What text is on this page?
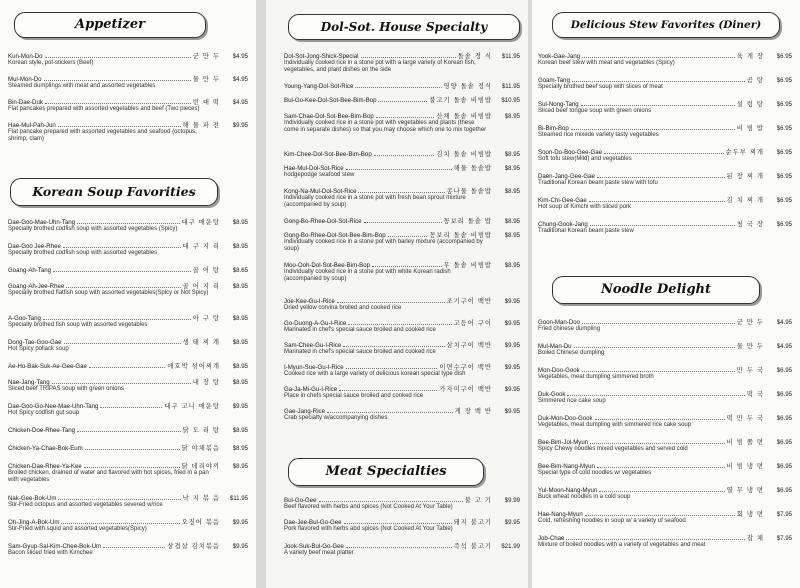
Appetizer
Kun-Mon-Do	군 만 두	$4.95
Korean style, pot-stickers (Beef)
Mul-Mon-Do	물 만 두	$4.95
Steamed dumplings with meat and assorted vegetables
Bin-Dae-Duk	빈 대 떡	$4.95
Flat pancakes prepared with assorted vegetables and beef (Two pieces)
Hae-Mul-Pah-Jun	해 물 파 전	$9.95
Flat pancake prepared with assorted vegetables and seafood (octopus, shrimp, clam)
Korean Soup Favorities
Dae-Goo-Mae-Uhn-Tang	대구 매운탕	$8.95
Specially brothed codfish soup with assorted vegetables (Spicy)
Dae-Goo Jee-Rhee	대 구 지 리	$8.95
Specially brothed codfish soup with assorted vegetables
Goang-Ah-Tang	골 어 탕	$8.65
Goang-Ah-Jee-Rhee	골 어 지 리	$8.95
Specially brothed flatfish soup with assorted vegetables(Spicy or Not Spicy)
A-Goo-Tang	아 구 탕	$8.95
Specially brothed fish soup with assorted vegetables
Dong-Tae-Goo-Gae	생 태 찌 개	$8.95
Hot Spicy pollack soup
Ae-Ho-Bak-Suk-Ae-Gee-Gae	애호박 섞어찌개	$8.95
Nae-Jang-Tang	내 장 탕	$8.95
Sliced beef TRIPAS soup with green onions
Dae-Goo-Go-Nee-Mae-Uhn-Tang	대구 고니 매운탕	$9.95
Hot Spicy codfish gut soup
Chicken-Doe-Rhee-Tang	닭 도 리 탕	$8.95
Chicken-Ya-Chae-Bok-Eum	닭 야채볶음	$8.95
Chicken-Dae-Rhee-Ya-Kee	닭 데리야끼	$8.95
Broiled chicken, drained of water and flavored with hot spices, fried in a pan with vegetables
Nak-Gee-Bok-Um	낙 지 볶 음	$11.95
Stir-Fried octopus and assorted vegetables severed w/rice
Oh-Jing-A-Bok-Um	오징어 볶음	$9.95
Stir-Fried with squid and assorted vegetables(Spicy)
Sam-Gyup-Sal-Kim-Chee-Bok-Um	삼겹살 김치볶음	$9.95
Bacon sliced fried with Kimchee
Dol-Sot. House Specialty
Dol-Sot-Jong-Shick-Special	돌솥 정 식	$11.95
Individually cooked rice in a stone pot with a large variety of Korean fish, vegetables, and plant dishes on the side
Young-Yang-Dol-Sot-Rice	영양 돌솥 정식	$11.95
Bul-Go-Kee-Dol-Sot-Bee-Bim-Bop	불고기 돌솥 비빔밥	$10.95
Sam-Chae-Dol-Sot-Bee-Bim-Bop	산채 돌솥 비빔밥	$8.95
Individually cooked rice in a stone pot with vegetables and plants (these come in separate dishes) so that you may choose which one to mix together
Kim-Chee-Dol-Sot-Bee-Bim-Bop	김치 돌솥 비빔밥	$8.95
Hae-Mul-Dol-Sot-Rice	해물 돌솥밥	$8.95
hodgepodge seafood stew
Kong-Na-Mul-Dol-Sot-Rice	콩나물 돌솥밥	$8.95
Individually cooked rice in a stone pot with fresh bean sprout mixture (accompanied by soup)
Gong-Bo-Rhee-Dol-Sot-Rice	꽁보리 돌솥 밥	$8.95
Gong-Bo-Rhee-Dol-Sot-Bee-Bim-Bop	꽁보리 돌솥 비빔밥	$8.95
Individually cooked rice in a stone pot with barley mixture (accompanied by soup)
Moo-Ooh-Dol-Sot-Bee-Bim-Bop	무 돌솥 비빔밥	$8.95
Individually cooked rice in a stone pot with white Korean radish (accompanied by soup)
Joe-Kee-Gu-I-Rice	조기구이 백반	$9.95
Dried yellow corvina broiled and cooked rice
Go-Duong-A-Gu-I-Rice	고등어 구이	$9.95
Marinated in chef's special sauce broiled and cooked rice
Sam-Chee-Gu-I-Rice	삼치구이 백반	$9.95
Marinated in chef's special sauce broiled and cooked rice
I-Myun-Sue-Gu-I-Rice	이면수구이 백반	$9.95
Cooked rice with a large variety of delicious korean special type dish
Ga-Ja-Mi-Gu-I-Rice	가자미구이 백반	$9.95
Place in chefs special sauce broiled and cooked rice
Gae-Jang-Rice	게 장 백 반	$9.95
Crab specialty w/accompanying dishes
Meat Specialties
Bul-Go-Gee	불 고 기	$9.99
Beef flavored with herbs and spices (Not Cooked At Your Table)
Dae-Jee-Bul-Go-Gee	돼지 불고기	$9.95
Pork flavored with herbs abd spices (Not Cooked At Your Table)
Jook-Suk-Bul-Go-Gee	즉석 불고기	$21.99
A variety beef meat platter
Delicious Stew Favorites (Diner)
Yook-Gae-Jang	육 개 장	$6.95
Korean beef stew with meat and vegetables (Spicy)
Goam-Tang	곰 탕	$6.95
Specially brothed beef soup with slices of meat
Sul-Nong-Tang	설 렁 탕	$6.95
Sliced beef tongue soup with green onions
Bi-Bim-Bop	비 빔 밥	$6.95
Steamed rice mixede variety tasty vegetables
Soon-Do-Boo-Gee-Gae	순두부 찌개	$6.95
Soft tofu stew(Mild) and vegetables
Daen-Jang-Gee-Gae	된 장 찌 개	$6.95
Traditional Korean beam paste stew with tofu
Kim-Chi-Gee-Gae	김 치 찌 개	$6.95
Hot soup of Kimchi with sliced pork
Chung-Gook-Jang	청 국 장	$6.95
Traditional Korean beam paste stew
Noodle Delight
Goon-Man-Doo	군 만 두	$4.95
Fried chinese dumpling
Mul-Man-Du	물 만 두	$4.95
Boiled Chinese dumpling
Mon-Doo-Gook	만 두 국	$6.95
Vegetables, meat dumpling simmered broth
Duk-Gook	떡 국	$6.95
Simmered rice cake soup
Duk-Mon-Doo-Gook	떡 만 두 국	$6.95
Vegetables, meat dumpling with simmered rice cake soup
Bee-Bim-Jol-Myun	비 빔 쫄 면	$6.95
Spicy Chewy noodles mixed vegetables and served cold
Bee-Bim-Nang-Myun	비 빔 냉 면	$6.95
Special type of cold noodles w/ vegetables
Yul-Moon-Nang-Myun	열 무 냉 면	$6.95
Buck wheat noodles in a cold soup
Hae-Nang-Myun	회 냉 면	$7.95
Cold, refreshing noodles in soup w/ a variety of seafood
Job-Chae	잡 채	$7.95
Mixture of boiled noodles with a variety of vegetables and meat
